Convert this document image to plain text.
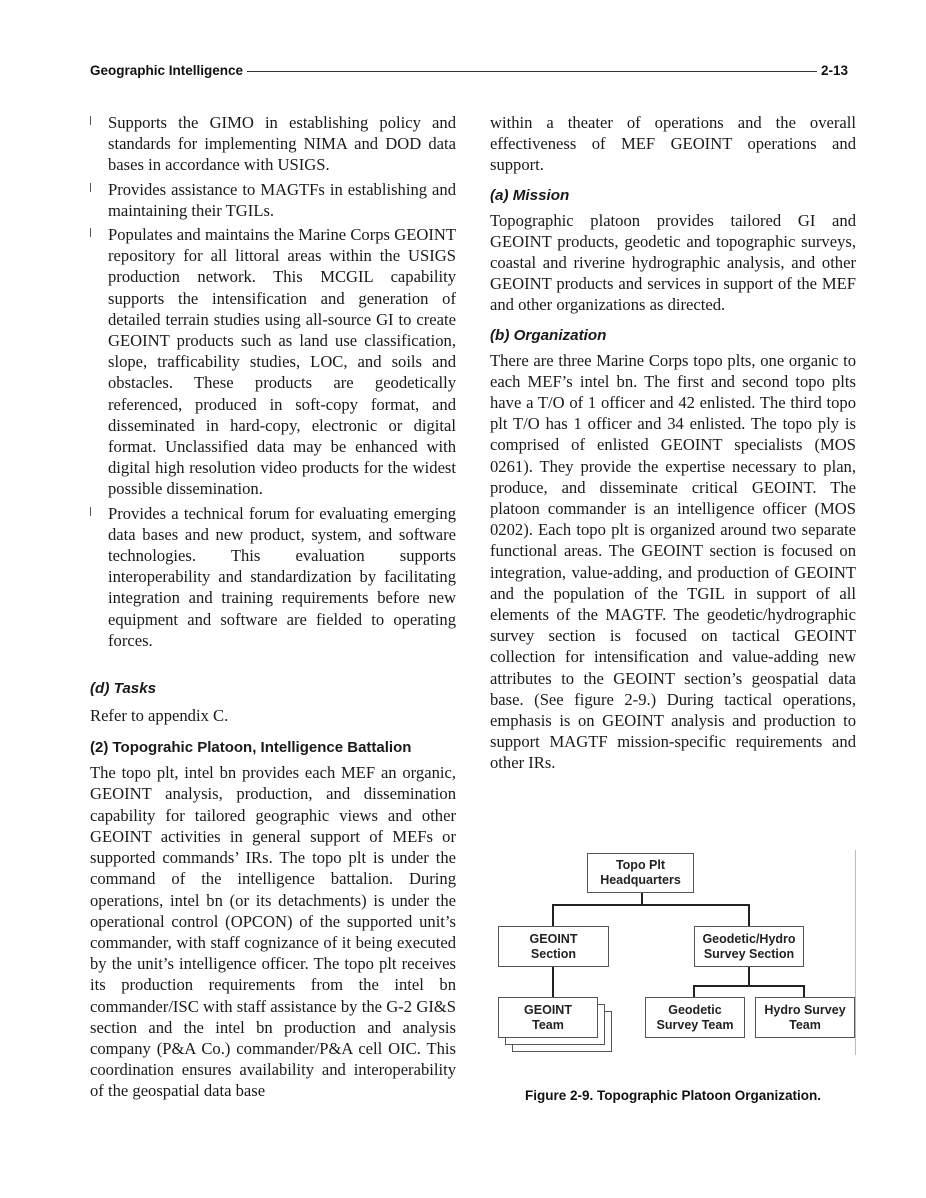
Geographic Intelligence	2-13
Supports the GIMO in establishing policy and standards for implementing NIMA and DOD data bases in accordance with USIGS.
Provides assistance to MAGTFs in establishing and maintaining their TGILs.
Populates and maintains the Marine Corps GEOINT repository for all littoral areas within the USIGS production network. This MCGIL capability supports the intensification and generation of detailed terrain studies using all-source GI to create GEOINT products such as land use classification, slope, trafficability studies, LOC, and soils and obstacles. These products are geodetically referenced, produced in soft-copy format, and disseminated in hard-copy, electronic or digital format. Unclassified data may be enhanced with digital high resolution video products for the widest possible dissemination.
Provides a technical forum for evaluating emerging data bases and new product, system, and software technologies. This evaluation supports interoperability and standardization by facilitating integration and training requirements before new equipment and software are fielded to operating forces.
(d) Tasks

Refer to appendix C.

(2) Topograhic Platoon, Intelligence Battalion

The topo plt, intel bn provides each MEF an organic, GEOINT analysis, production, and dissemination capability for tailored geographic views and other GEOINT activities in general support of MEFs or supported commands’ IRs. The topo plt is under the command of the intelligence battalion. During operations, intel bn (or its detachments) is under the operational control (OPCON) of the supported unit’s commander, with staff cognizance of it being executed by the unit’s intelligence officer. The topo plt receives its production requirements from the intel bn commander/ISC with staff assistance by the G-2 GI&S section and the intel bn production and analysis company (P&A Co.) commander/P&A cell OIC. This coordination ensures availability and interoperability of the geospatial data base

within a theater of operations and the overall effectiveness of MEF GEOINT operations and support.

(a) Mission

Topographic platoon provides tailored GI and GEOINT products, geodetic and topographic surveys, coastal and riverine hydrographic analysis, and other GEOINT products and services in support of the MEF and other organizations as directed.

(b) Organization

There are three Marine Corps topo plts, one organic to each MEF’s intel bn. The first and second topo plts have a T/O of 1 officer and 42 enlisted. The third topo plt T/O has 1 officer and 34 enlisted. The topo ply is comprised of enlisted GEOINT specialists (MOS 0261). They provide the expertise necessary to plan, produce, and disseminate critical GEOINT. The platoon commander is an intelligence officer (MOS 0202). Each topo plt is organized around two separate functional areas. The GEOINT section is focused on integration, value-adding, and production of GEOINT and the population of the TGIL in support of all elements of the MAGTF. The geodetic/hydrographic survey section is focused on tactical GEOINT collection for intensification and value-adding new attributes to the GEOINT section’s geospatial data base. (See figure 2-9.) During tactical operations, emphasis is on GEOINT analysis and production to support MAGTF mission-specific requirements and other IRs.

Topo Plt
Headquarters
GEOINT
Section
Geodetic/Hydro
Survey Section
GEOINT
Team
Geodetic
Survey Team
Hydro Survey
Team
Figure 2-9. Topographic Platoon Organization.
